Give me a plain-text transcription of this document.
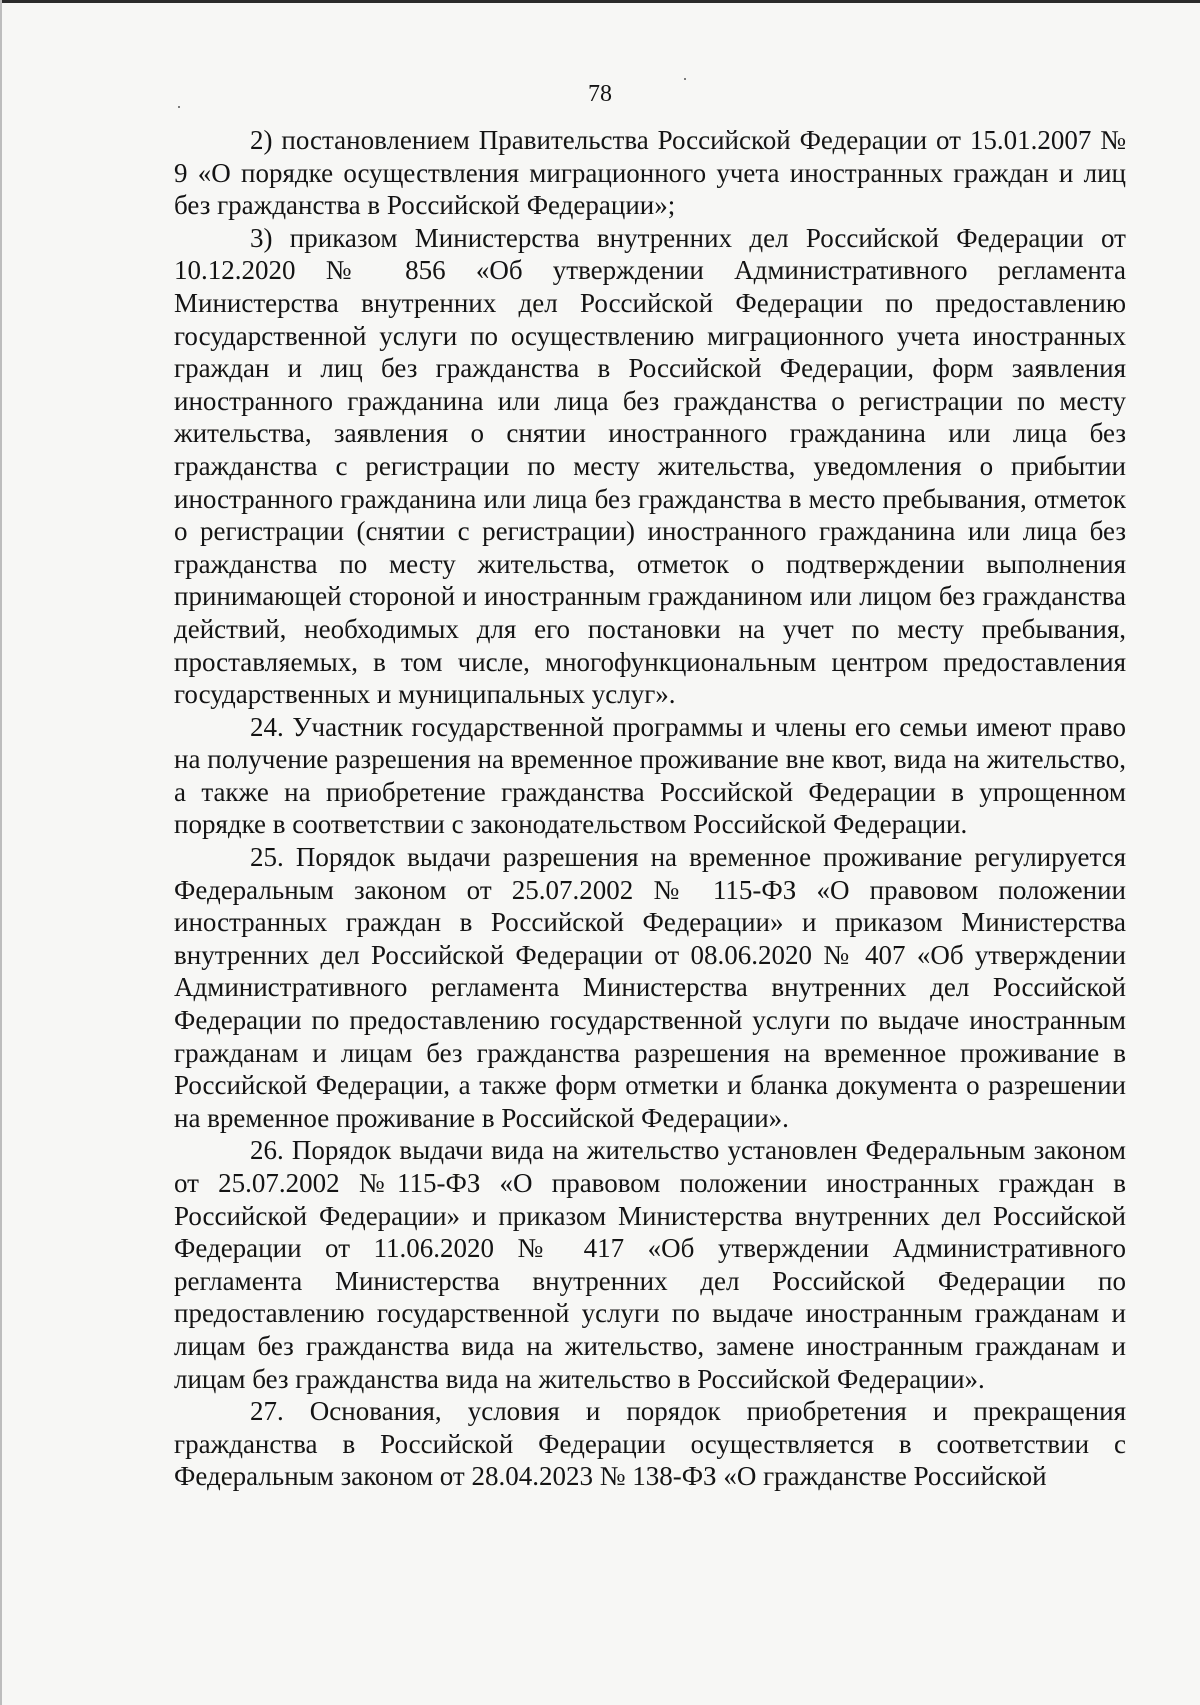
78

2) постановлением Правительства Российской Федерации от 15.01.2007 № 9 «О порядке осуществления миграционного учета иностранных граждан и лиц без гражданства в Российской Федерации»;

3) приказом Министерства внутренних дел Российской Федерации от 10.12.2020 № 856 «Об утверждении Административного регламента Министерства внутренних дел Российской Федерации по предоставлению государственной услуги по осуществлению миграционного учета иностранных граждан и лиц без гражданства в Российской Федерации, форм заявления иностранного гражданина или лица без гражданства о регистрации по месту жительства, заявления о снятии иностранного гражданина или лица без гражданства с регистрации по месту жительства, уведомления о прибытии иностранного гражданина или лица без гражданства в место пребывания, отметок о регистрации (снятии с регистрации) иностранного гражданина или лица без гражданства по месту жительства, отметок о подтверждении выполнения принимающей стороной и иностранным гражданином или лицом без гражданства действий, необходимых для его постановки на учет по месту пребывания, проставляемых, в том числе, многофункциональным центром предоставления государственных и муниципальных услуг».

24. Участник государственной программы и члены его семьи имеют право на получение разрешения на временное проживание вне квот, вида на жительство, а также на приобретение гражданства Российской Федерации в упрощенном порядке в соответствии с законодательством Российской Федерации.

25. Порядок выдачи разрешения на временное проживание регулируется Федеральным законом от 25.07.2002 № 115-ФЗ «О правовом положении иностранных граждан в Российской Федерации» и приказом Министерства внутренних дел Российской Федерации от 08.06.2020 № 407 «Об утверждении Административного регламента Министерства внутренних дел Российской Федерации по предоставлению государственной услуги по выдаче иностранным гражданам и лицам без гражданства разрешения на временное проживание в Российской Федерации, а также форм отметки и бланка документа о разрешении на временное проживание в Российской Федерации».

26. Порядок выдачи вида на жительство установлен Федеральным законом от 25.07.2002 №115-ФЗ «О правовом положении иностранных граждан в Российской Федерации» и приказом Министерства внутренних дел Российской Федерации от 11.06.2020 № 417 «Об утверждении Административного регламента Министерства внутренних дел Российской Федерации по предоставлению государственной услуги по выдаче иностранным гражданам и лицам без гражданства вида на жительство, замене иностранным гражданам и лицам без гражданства вида на жительство в Российской Федерации».

27. Основания, условия и порядок приобретения и прекращения гражданства в Российской Федерации осуществляется в соответствии с Федеральным законом от 28.04.2023 № 138-ФЗ «О гражданстве Российской
